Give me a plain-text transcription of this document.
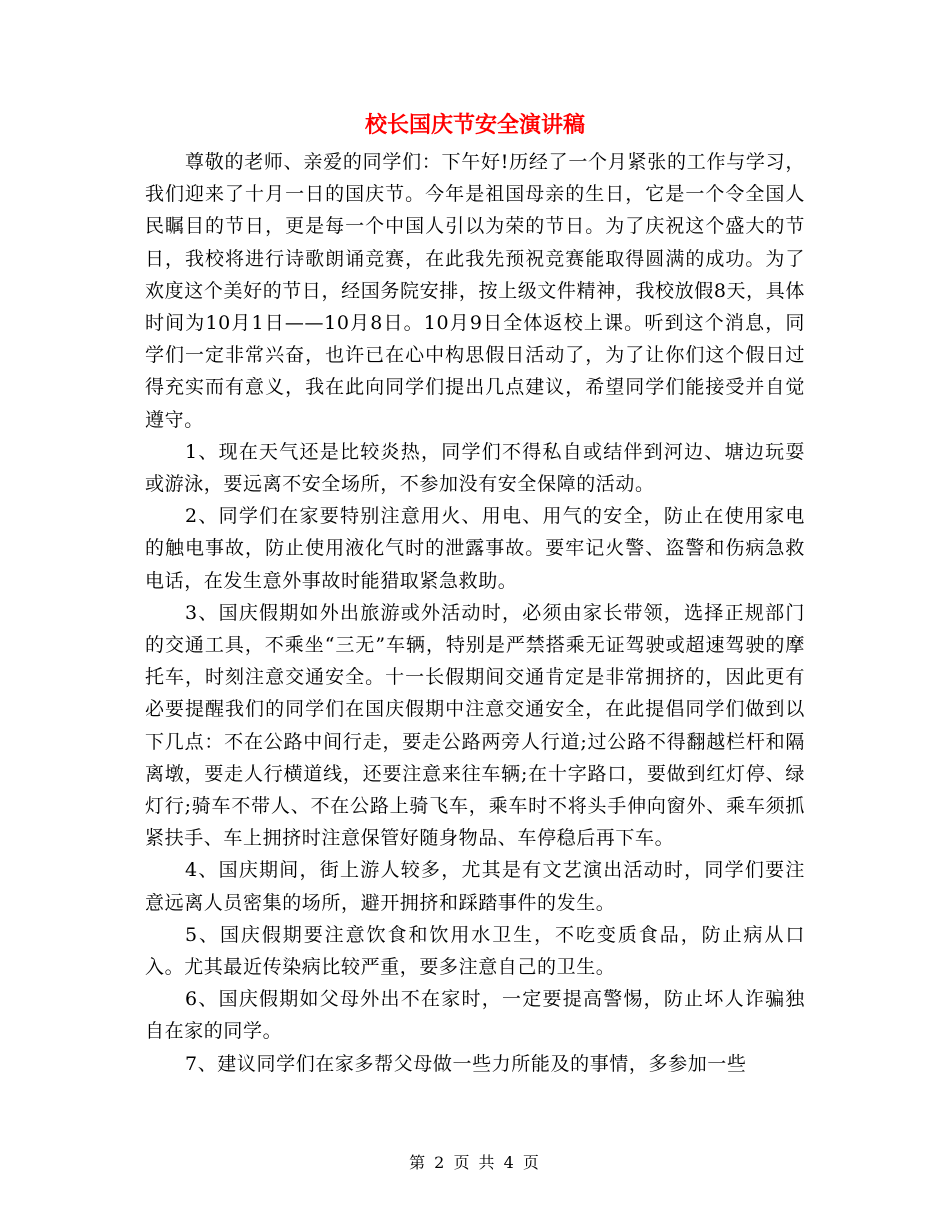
校长国庆节安全演讲稿

尊敬的老师、亲爱的同学们：下午好!历经了一个月紧张的工作与学习，我们迎来了十月一日的国庆节。今年是祖国母亲的生日，它是一个令全国人民瞩目的节日，更是每一个中国人引以为荣的节日。为了庆祝这个盛大的节日，我校将进行诗歌朗诵竞赛，在此我先预祝竞赛能取得圆满的成功。为了欢度这个美好的节日，经国务院安排，按上级文件精神，我校放假8天，具体时间为10月1日——10月8日。10月9日全体返校上课。听到这个消息，同学们一定非常兴奋，也许已在心中构思假日活动了，为了让你们这个假日过得充实而有意义，我在此向同学们提出几点建议，希望同学们能接受并自觉遵守。

1、现在天气还是比较炎热，同学们不得私自或结伴到河边、塘边玩耍或游泳，要远离不安全场所，不参加没有安全保障的活动。

2、同学们在家要特别注意用火、用电、用气的安全，防止在使用家电的触电事故，防止使用液化气时的泄露事故。要牢记火警、盗警和伤病急救电话，在发生意外事故时能猎取紧急救助。

3、国庆假期如外出旅游或外活动时，必须由家长带领，选择正规部门的交通工具，不乘坐“三无”车辆，特别是严禁搭乘无证驾驶或超速驾驶的摩托车，时刻注意交通安全。十一长假期间交通肯定是非常拥挤的，因此更有必要提醒我们的同学们在国庆假期中注意交通安全，在此提倡同学们做到以下几点：不在公路中间行走，要走公路两旁人行道;过公路不得翻越栏杆和隔离墩，要走人行横道线，还要注意来往车辆;在十字路口，要做到红灯停、绿灯行;骑车不带人、不在公路上骑飞车，乘车时不将头手伸向窗外、乘车须抓紧扶手、车上拥挤时注意保管好随身物品、车停稳后再下车。

4、国庆期间，街上游人较多，尤其是有文艺演出活动时，同学们要注意远离人员密集的场所，避开拥挤和踩踏事件的发生。

5、国庆假期要注意饮食和饮用水卫生，不吃变质食品，防止病从口入。尤其最近传染病比较严重，要多注意自己的卫生。

6、国庆假期如父母外出不在家时，一定要提高警惕，防止坏人诈骗独自在家的同学。

7、建议同学们在家多帮父母做一些力所能及的事情，多参加一些

第 2 页 共 4 页
